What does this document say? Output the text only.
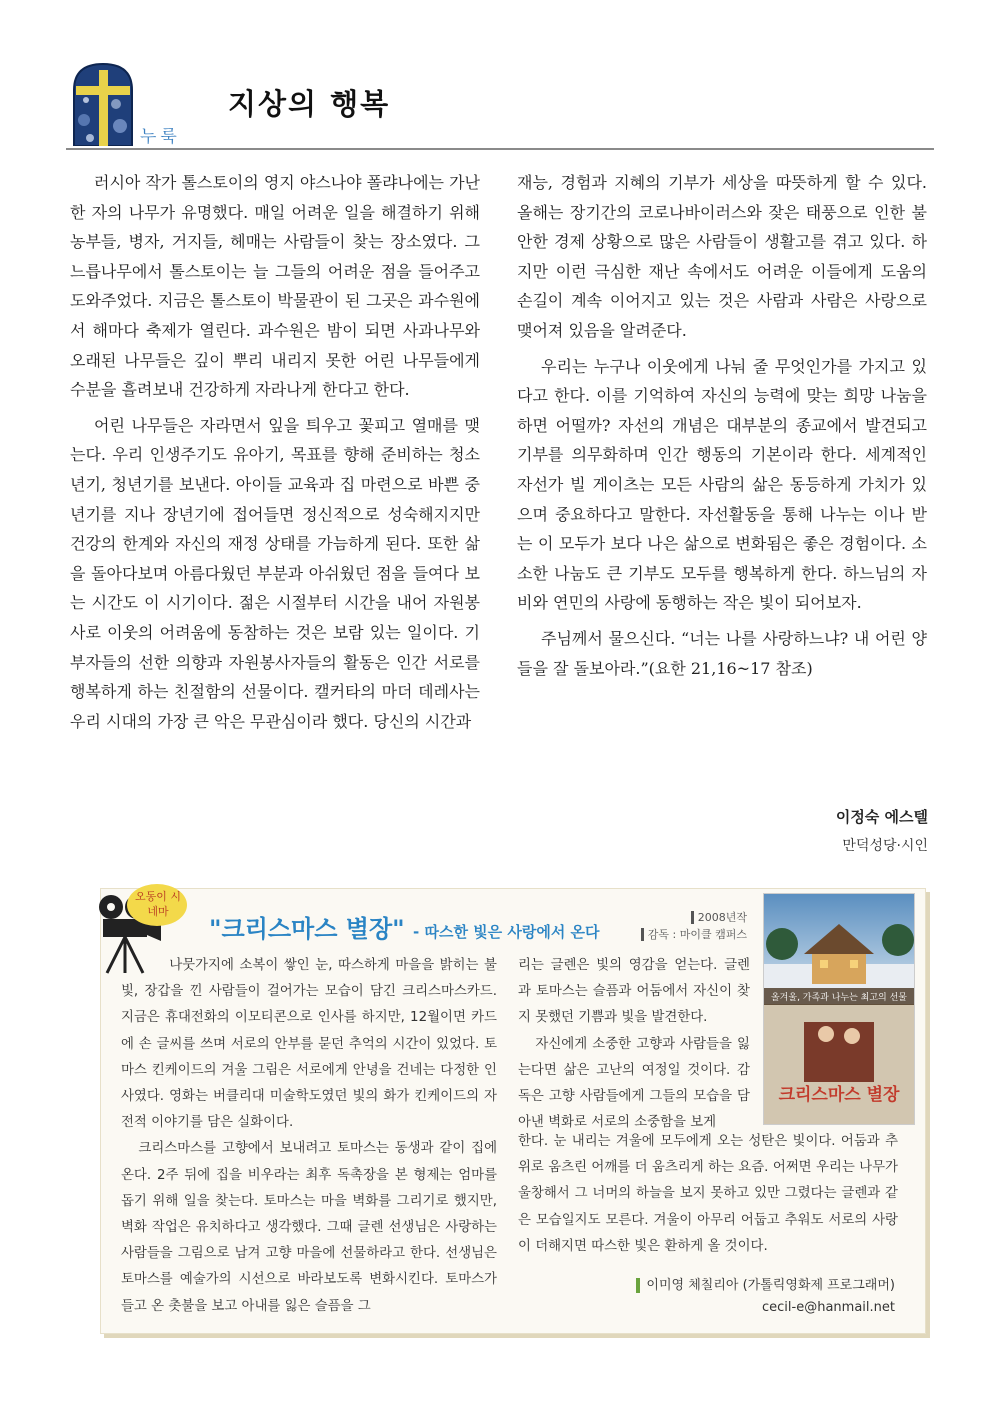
누룩
지상의 행복

러시아 작가 톨스토이의 영지 야스나야 폴랴나에는 가난한 자의 나무가 유명했다. 매일 어려운 일을 해결하기 위해 농부들, 병자, 거지들, 헤매는 사람들이 찾는 장소였다. 그 느릅나무에서 톨스토이는 늘 그들의 어려운 점을 들어주고 도와주었다. 지금은 톨스토이 박물관이 된 그곳은 과수원에서 해마다 축제가 열린다. 과수원은 밤이 되면 사과나무와 오래된 나무들은 깊이 뿌리 내리지 못한 어린 나무들에게 수분을 흘려보내 건강하게 자라나게 한다고 한다.

어린 나무들은 자라면서 잎을 틔우고 꽃피고 열매를 맺는다. 우리 인생주기도 유아기, 목표를 향해 준비하는 청소년기, 청년기를 보낸다. 아이들 교육과 집 마련으로 바쁜 중년기를 지나 장년기에 접어들면 정신적으로 성숙해지지만 건강의 한계와 자신의 재정 상태를 가늠하게 된다. 또한 삶을 돌아다보며 아름다웠던 부분과 아쉬웠던 점을 들여다 보는 시간도 이 시기이다. 젊은 시절부터 시간을 내어 자원봉사로 이웃의 어려움에 동참하는 것은 보람 있는 일이다. 기부자들의 선한 의향과 자원봉사자들의 활동은 인간 서로를 행복하게 하는 친절함의 선물이다. 캘커타의 마더 데레사는 우리 시대의 가장 큰 악은 무관심이라 했다. 당신의 시간과

재능, 경험과 지혜의 기부가 세상을 따뜻하게 할 수 있다. 올해는 장기간의 코로나바이러스와 잦은 태풍으로 인한 불안한 경제 상황으로 많은 사람들이 생활고를 겪고 있다. 하지만 이런 극심한 재난 속에서도 어려운 이들에게 도움의 손길이 계속 이어지고 있는 것은 사람과 사람은 사랑으로 맺어져 있음을 알려준다.

우리는 누구나 이웃에게 나눠 줄 무엇인가를 가지고 있다고 한다. 이를 기억하여 자신의 능력에 맞는 희망 나눔을 하면 어떨까? 자선의 개념은 대부분의 종교에서 발견되고 기부를 의무화하며 인간 행동의 기본이라 한다. 세계적인 자선가 빌 게이츠는 모든 사람의 삶은 동등하게 가치가 있으며 중요하다고 말한다. 자선활동을 통해 나누는 이나 받는 이 모두가 보다 나은 삶으로 변화됨은 좋은 경험이다. 소소한 나눔도 큰 기부도 모두를 행복하게 한다. 하느님의 자비와 연민의 사랑에 동행하는 작은 빛이 되어보자.

주님께서 물으신다. “너는 나를 사랑하느냐? 내 어린 양들을 잘 돌보아라.”(요한 21,16~17 참조)

이정숙 에스텔
만덕성당·시인
오동이 시네마
"크리스마스 별장" - 따스한 빛은 사랑에서 온다
2008년작
감독 : 마이클 캠퍼스
올겨울, 가족과 나누는 최고의 선물
크리스마스 별장

나뭇가지에 소복이 쌓인 눈, 따스하게 마을을 밝히는 불빛, 장갑을 낀 사람들이 걸어가는 모습이 담긴 크리스마스카드. 지금은 휴대전화의 이모티콘으로 인사를 하지만, 12월이면 카드에 손 글씨를 쓰며 서로의 안부를 묻던 추억의 시간이 있었다. 토마스 킨케이드의 겨울 그림은 서로에게 안녕을 건네는 다정한 인사였다. 영화는 버클리대 미술학도였던 빛의 화가 킨케이드의 자전적 이야기를 담은 실화이다.

크리스마스를 고향에서 보내려고 토마스는 동생과 같이 집에 온다. 2주 뒤에 집을 비우라는 최후 독촉장을 본 형제는 엄마를 돕기 위해 일을 찾는다. 토마스는 마을 벽화를 그리기로 했지만, 벽화 작업은 유치하다고 생각했다. 그때 글렌 선생님은 사랑하는 사람들을 그림으로 남겨 고향 마을에 선물하라고 한다. 선생님은 토마스를 예술가의 시선으로 바라보도록 변화시킨다. 토마스가 들고 온 촛불을 보고 아내를 잃은 슬픔을 그

리는 글렌은 빛의 영감을 얻는다. 글렌과 토마스는 슬픔과 어둠에서 자신이 찾지 못했던 기쁨과 빛을 발견한다.

자신에게 소중한 고향과 사람들을 잃는다면 삶은 고난의 여정일 것이다. 감독은 고향 사람들에게 그들의 모습을 담아낸 벽화로 서로의 소중함을 보게

한다. 눈 내리는 겨울에 모두에게 오는 성탄은 빛이다. 어둠과 추위로 움츠린 어깨를 더 움츠리게 하는 요즘. 어쩌면 우리는 나무가 울창해서 그 너머의 하늘을 보지 못하고 있만 그렸다는 글렌과 같은 모습일지도 모른다. 겨울이 아무리 어둡고 추워도 서로의 사랑이 더해지면 따스한 빛은 환하게 올 것이다.

이미영 체칠리아 (가톨릭영화제 프로그래머)
cecil-e@hanmail.net
